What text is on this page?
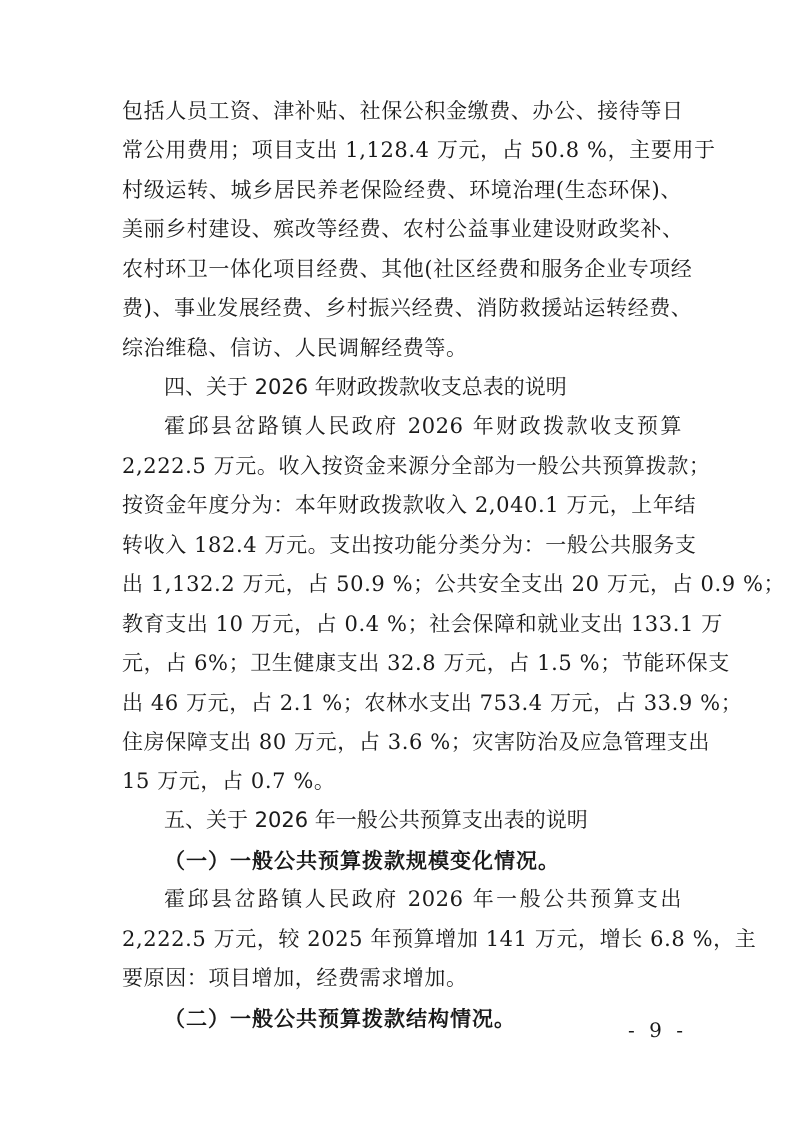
包括人员工资、津补贴、社保公积金缴费、办公、接待等日
常公用费用；项目支出 1,128.4 万元，占 50.8 %，主要用于
村级运转、城乡居民养老保险经费、环境治理(生态环保)、
美丽乡村建设、殡改等经费、农村公益事业建设财政奖补、
农村环卫一体化项目经费、其他(社区经费和服务企业专项经
费)、事业发展经费、乡村振兴经费、消防救援站运转经费、
综治维稳、信访、人民调解经费等。
四、关于 2026 年财政拨款收支总表的说明
霍邱县岔路镇人民政府 2026 年财政拨款收支预算
2,222.5 万元。收入按资金来源分全部为一般公共预算拨款；
按资金年度分为：本年财政拨款收入 2,040.1 万元，上年结
转收入 182.4 万元。支出按功能分类分为：一般公共服务支
出 1,132.2 万元，占 50.9 %；公共安全支出 20 万元，占 0.9 %；
教育支出 10 万元，占 0.4 %；社会保障和就业支出 133.1 万
元，占 6%；卫生健康支出 32.8 万元，占 1.5 %；节能环保支
出 46 万元，占 2.1 %；农林水支出 753.4 万元，占 33.9 %；
住房保障支出 80 万元，占 3.6 %；灾害防治及应急管理支出
15 万元，占 0.7 %。
五、关于 2026 年一般公共预算支出表的说明
（一）一般公共预算拨款规模变化情况。
霍邱县岔路镇人民政府 2026 年一般公共预算支出
2,222.5 万元，较 2025 年预算增加 141 万元，增长 6.8 %，主
要原因：项目增加，经费需求增加。
（二）一般公共预算拨款结构情况。	- 9 -
